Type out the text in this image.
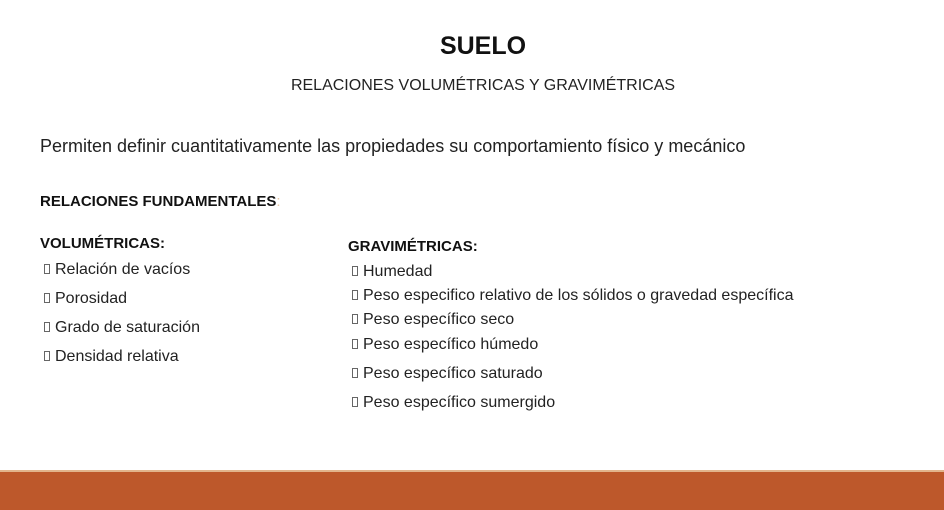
SUELO
RELACIONES VOLUMÉTRICAS Y GRAVIMÉTRICAS
Permiten definir cuantitativamente las propiedades su comportamiento físico y mecánico
RELACIONES FUNDAMENTALES:
VOLUMÉTRICAS:
Relación de vacíos
Porosidad
Grado de saturación
Densidad relativa
GRAVIMÉTRICAS:
Humedad
Peso especifico relativo de los sólidos o gravedad específica
Peso específico seco
Peso específico húmedo
Peso específico saturado
Peso específico sumergido
